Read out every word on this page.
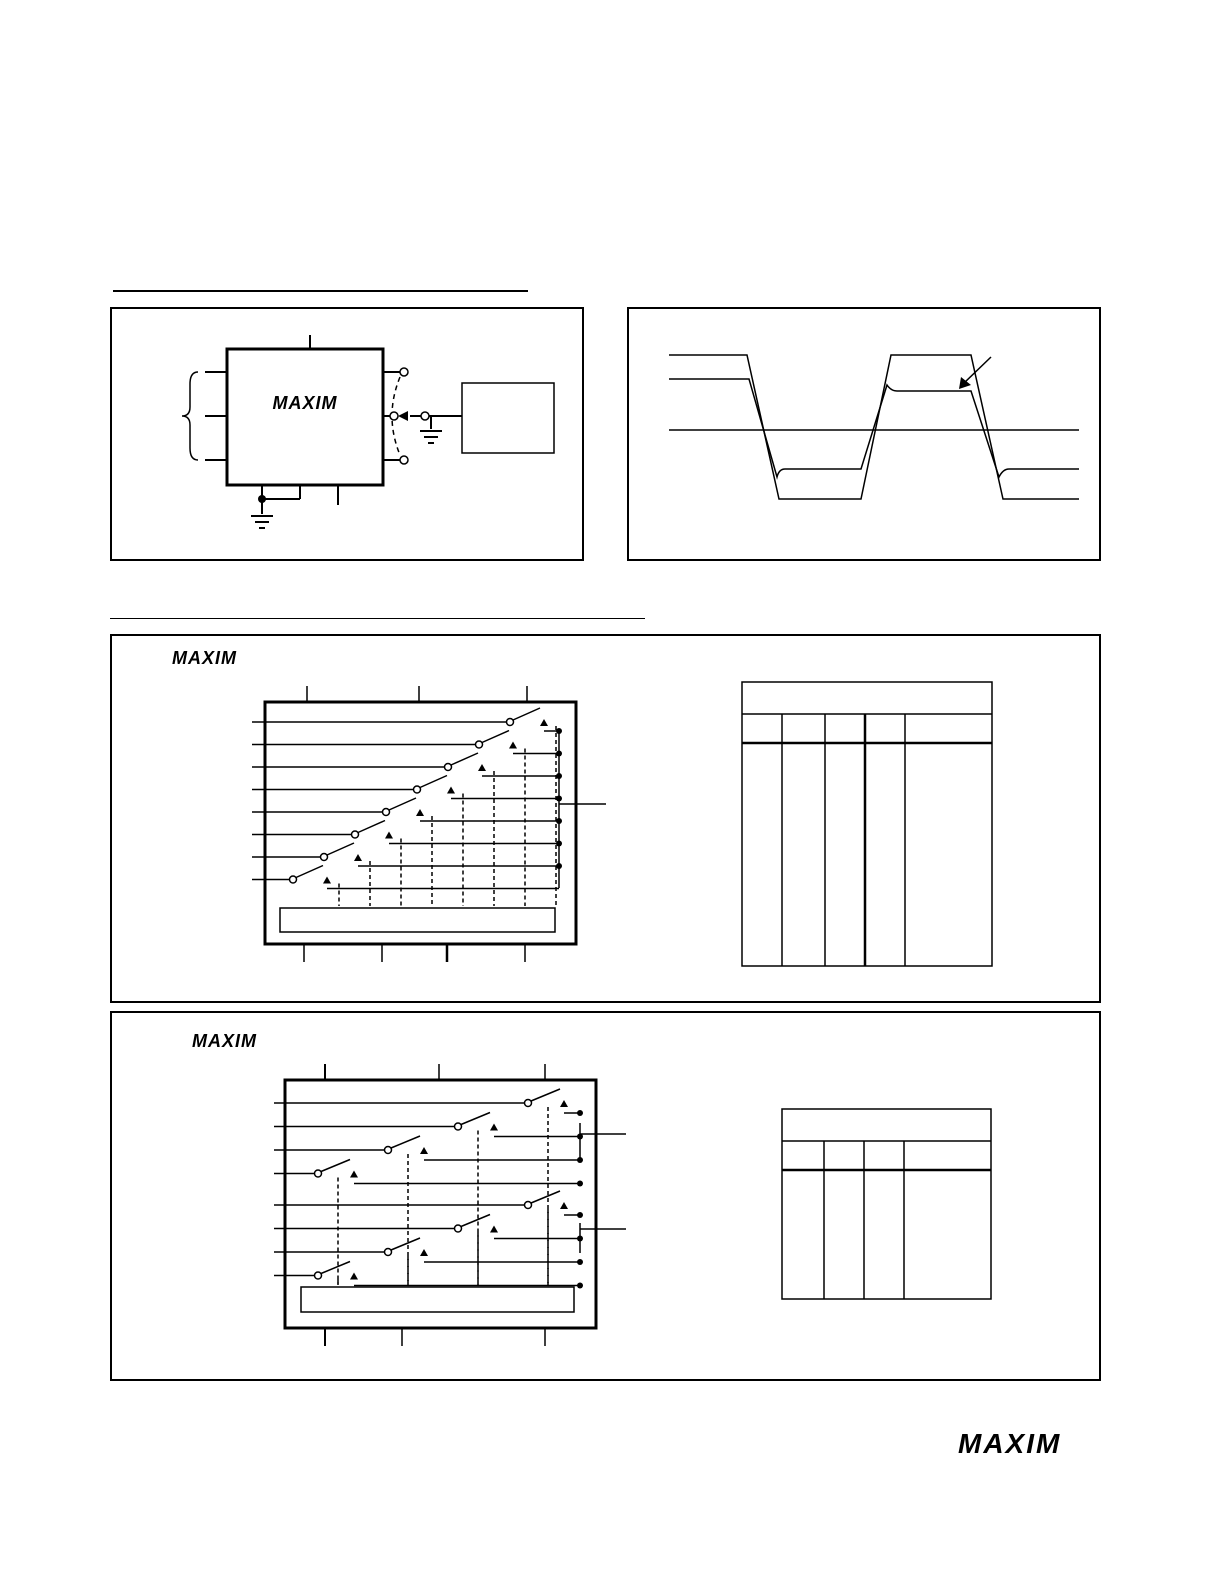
MAXIM
MAXIM
MAXIM
MAXIM
